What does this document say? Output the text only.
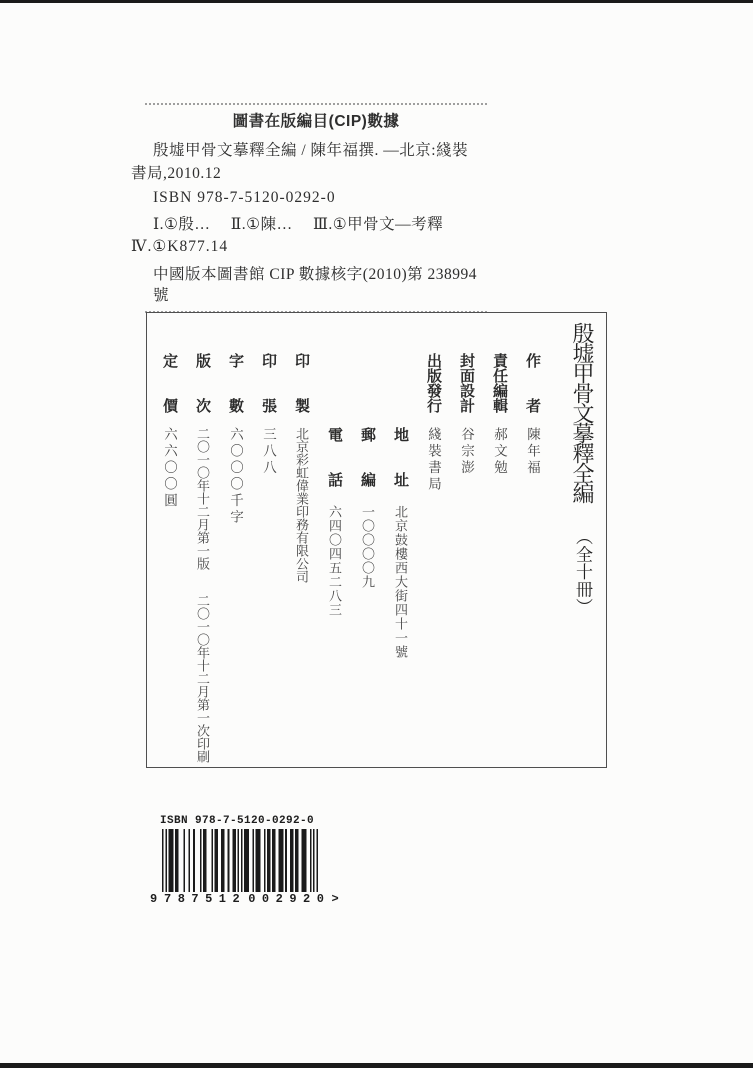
圖書在版編目(CIP)數據
殷墟甲骨文摹釋全編 / 陳年福撰. —北京:綫裝
書局,2010.12
ISBN 978-7-5120-0292-0
Ⅰ.①殷…　 Ⅱ.①陳…　 Ⅲ.①甲骨文—考釋
Ⅳ.①K877.14
中國版本圖書館 CIP 數據核字(2010)第 238994 號
殷墟甲骨文摹釋全編 （全十冊）
作　　者 陳年福
責任編輯 郝文勉
封面設計 谷宗澎
出版發行 綫裝書局
地　　址 北京鼓樓西大街四十一號
郵　　編 一〇〇〇〇九
電　　話 六四〇四五二八三
印　　製 北京彩虹偉業印務有限公司
印　　張 三八八
字　　數 六〇〇〇千字
版　　次 二〇一〇年十二月第一版 二〇一〇年十二月第一次印刷
定　　價 六六〇〇圓
ISBN 978-7-5120-0292-0
9 787512 002920 >
